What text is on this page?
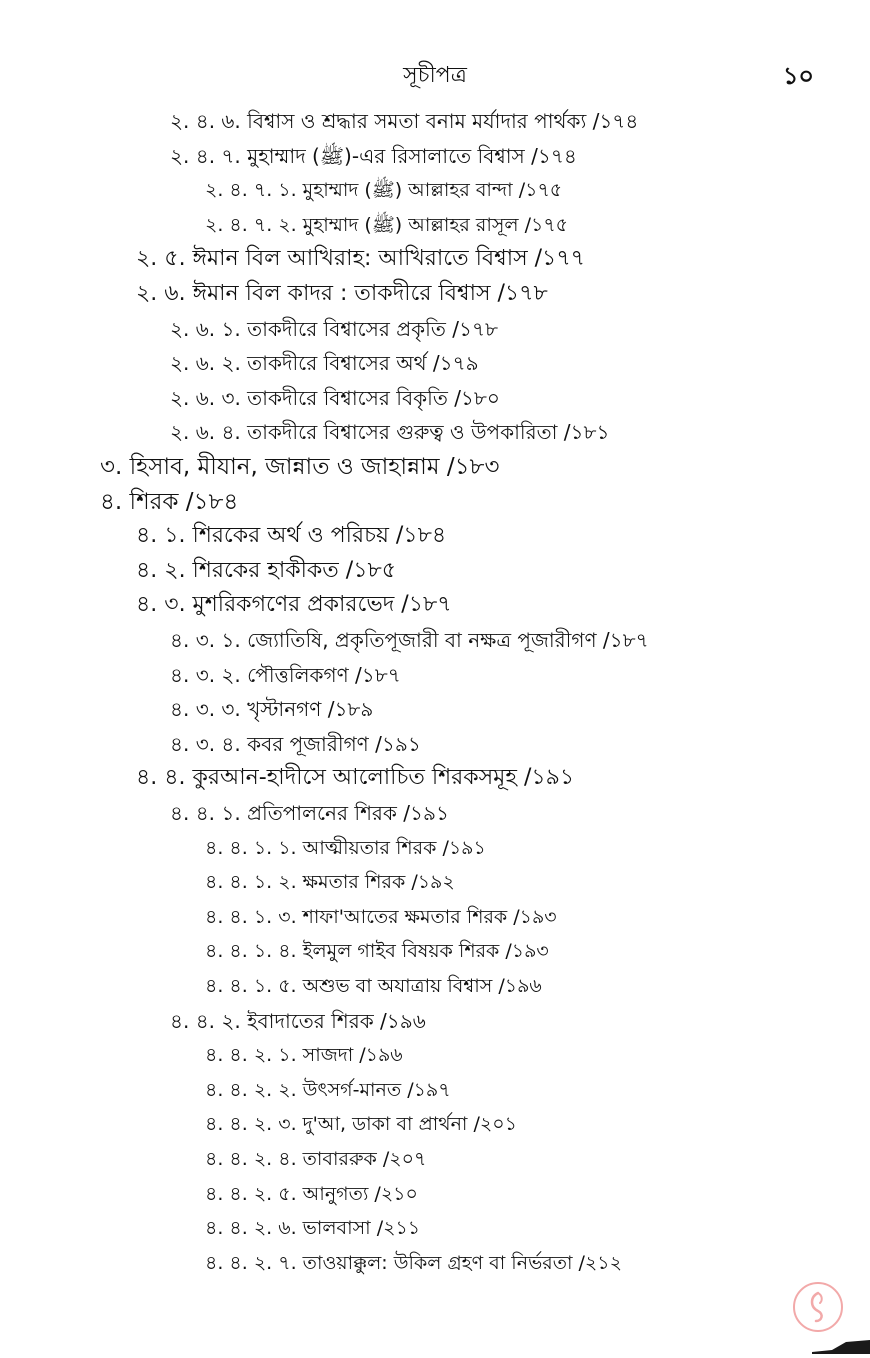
সূচীপত্র	১০
২. ৪. ৬. বিশ্বাস ও শ্রদ্ধার সমতা বনাম মর্যাদার পার্থক্য /১৭৪
২. ৪. ৭. মুহাম্মাদ (ﷺ)-এর রিসালাতে বিশ্বাস /১৭৪
২. ৪. ৭. ১. মুহাম্মাদ (ﷺ) আল্লাহর বান্দা /১৭৫
২. ৪. ৭. ২. মুহাম্মাদ (ﷺ) আল্লাহর রাসূল /১৭৫
২. ৫. ঈমান বিল আখিরাহ: আখিরাতে বিশ্বাস /১৭৭
২. ৬. ঈমান বিল কাদর : তাকদীরে বিশ্বাস /১৭৮
২. ৬. ১. তাকদীরে বিশ্বাসের প্রকৃতি /১৭৮
২. ৬. ২. তাকদীরে বিশ্বাসের অর্থ /১৭৯
২. ৬. ৩. তাকদীরে বিশ্বাসের বিকৃতি /১৮০
২. ৬. ৪. তাকদীরে বিশ্বাসের গুরুত্ব ও উপকারিতা /১৮১
৩. হিসাব, মীযান, জান্নাত ও জাহান্নাম /১৮৩
৪. শিরক /১৮৪
৪. ১. শিরকের অর্থ ও পরিচয় /১৮৪
৪. ২. শিরকের হাকীকত /১৮৫
৪. ৩. মুশরিকগণের প্রকারভেদ /১৮৭
৪. ৩. ১. জ্যোতিষি, প্রকৃতিপূজারী বা নক্ষত্র পূজারীগণ /১৮৭
৪. ৩. ২. পৌত্তলিকগণ /১৮৭
৪. ৩. ৩. খৃস্টানগণ /১৮৯
৪. ৩. ৪. কবর পূজারীগণ /১৯১
৪. ৪. কুরআন-হাদীসে আলোচিত শিরকসমূহ /১৯১
৪. ৪. ১. প্রতিপালনের শিরক /১৯১
৪. ৪. ১. ১. আত্মীয়তার শিরক /১৯১
৪. ৪. ১. ২. ক্ষমতার শিরক /১৯২
৪. ৪. ১. ৩. শাফা'আতের ক্ষমতার শিরক /১৯৩
৪. ৪. ১. ৪. ইলমুল গাইব বিষয়ক শিরক /১৯৩
৪. ৪. ১. ৫. অশুভ বা অযাত্রায় বিশ্বাস /১৯৬
৪. ৪. ২. ইবাদাতের শিরক /১৯৬
৪. ৪. ২. ১. সাজদা /১৯৬
৪. ৪. ২. ২. উৎসর্গ-মানত /১৯৭
৪. ৪. ২. ৩. দু'আ, ডাকা বা প্রার্থনা /২০১
৪. ৪. ২. ৪. তাবাররুক /২০৭
৪. ৪. ২. ৫. আনুগত্য /২১০
৪. ৪. ২. ৬. ভালবাসা /২১১
৪. ৪. ২. ৭. তাওয়াক্কুল: উকিল গ্রহণ বা নির্ভরতা /২১২
